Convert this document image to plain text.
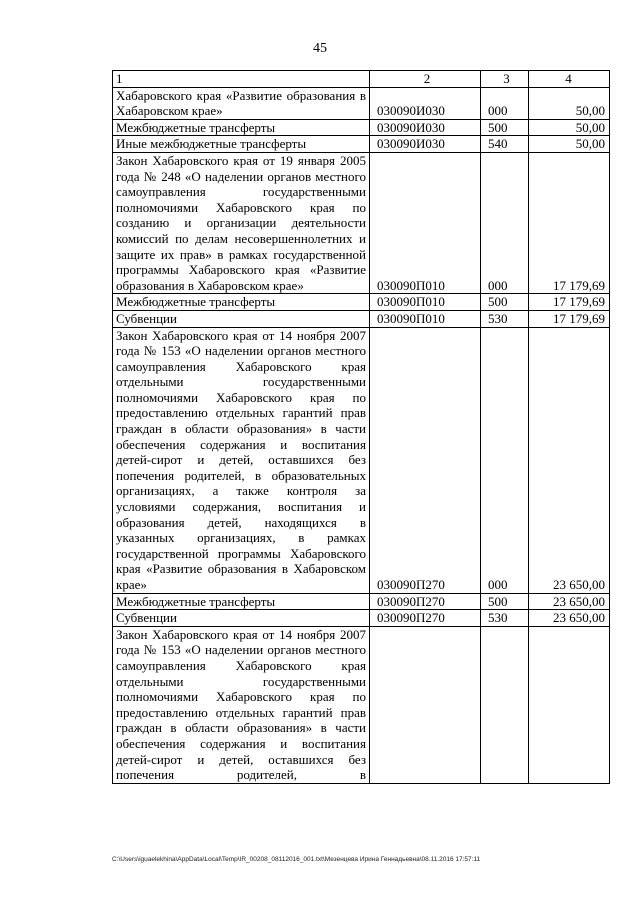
45
1	2	3	4
Хабаровского края «Развитие образования в Хабаровском крае»	030090И030	000	50,00
Межбюджетные трансферты	030090И030	500	50,00
Иные межбюджетные трансферты	030090И030	540	50,00
Закон Хабаровского края от 19 января 2005 года № 248 «О наделении органов местного самоуправления государственными полномочиями Хабаровского края по созданию и организации деятельности комиссий по делам несовершеннолетних и защите их прав» в рамках государственной программы Хабаровского края «Развитие образования в Хабаровском крае»	030090П010	000	17 179,69
Межбюджетные трансферты	030090П010	500	17 179,69
Субвенции	030090П010	530	17 179,69
Закон Хабаровского края от 14 ноября 2007 года № 153 «О наделении органов местного самоуправления Хабаровского края отдельными государственными полномочиями Хабаровского края по предоставлению отдельных гарантий прав граждан в области образования» в части обеспечения содержания и воспитания детей-сирот и детей, оставшихся без попечения родителей, в образовательных организациях, а также контроля за условиями содержания, воспитания и образования детей, находящихся в указанных организациях, в рамках государственной программы Хабаровского края «Развитие образования в Хабаровском крае»	030090П270	000	23 650,00
Межбюджетные трансферты	030090П270	500	23 650,00
Субвенции	030090П270	530	23 650,00
Закон Хабаровского края от 14 ноября 2007 года № 153 «О наделении органов местного самоуправления Хабаровского края отдельными государственными полномочиями Хабаровского края по предоставлению отдельных гарантий прав граждан в области образования» в части обеспечения содержания и воспитания детей-сирот и детей, оставшихся без попечения родителей, в			
C:\Users\iguaelekhina\AppData\Local\Temp\IR_00208_08112016_001.txt\Мезенцева Ирина Геннадьевна\08.11.2016 17:57:11
